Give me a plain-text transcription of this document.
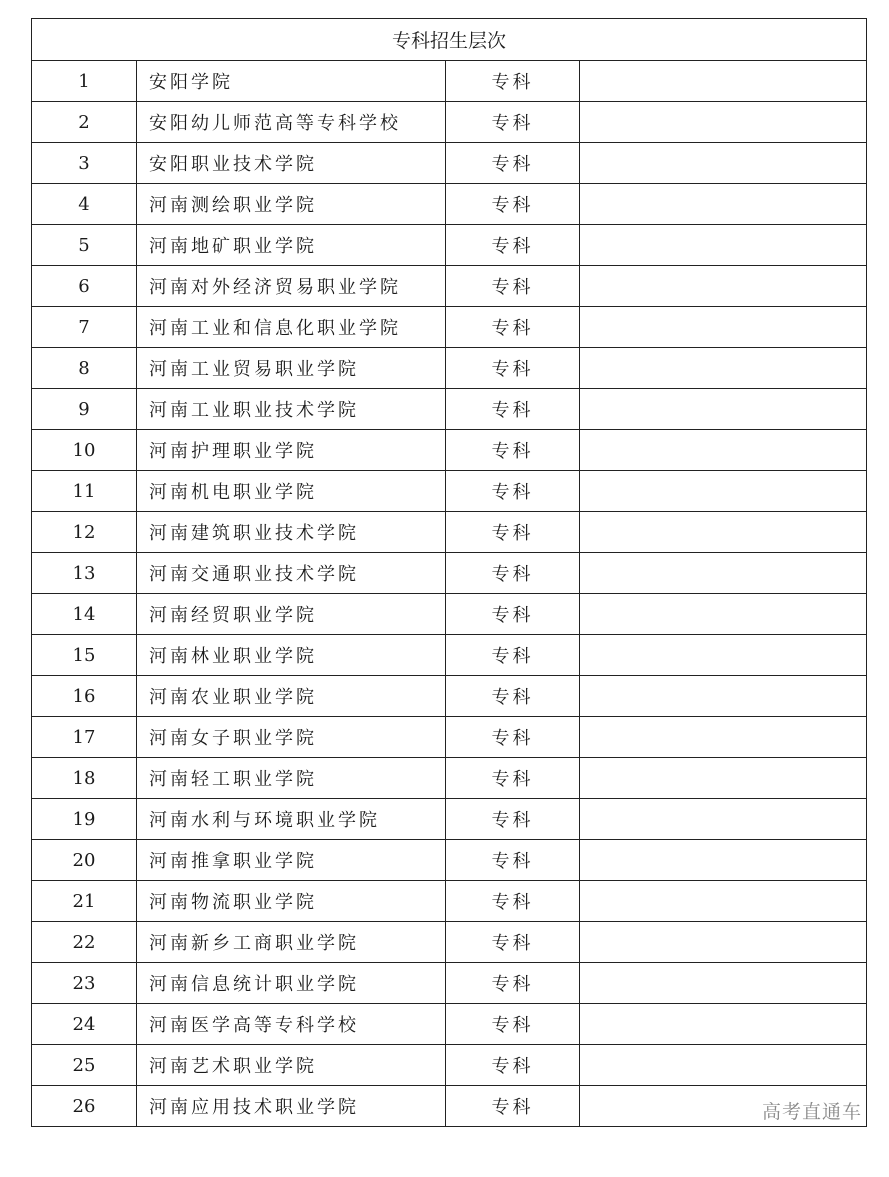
专科招生层次			
1	安阳学院	专科	
2	安阳幼儿师范高等专科学校	专科	
3	安阳职业技术学院	专科	
4	河南测绘职业学院	专科	
5	河南地矿职业学院	专科	
6	河南对外经济贸易职业学院	专科	
7	河南工业和信息化职业学院	专科	
8	河南工业贸易职业学院	专科	
9	河南工业职业技术学院	专科	
10	河南护理职业学院	专科	
11	河南机电职业学院	专科	
12	河南建筑职业技术学院	专科	
13	河南交通职业技术学院	专科	
14	河南经贸职业学院	专科	
15	河南林业职业学院	专科	
16	河南农业职业学院	专科	
17	河南女子职业学院	专科	
18	河南轻工职业学院	专科	
19	河南水利与环境职业学院	专科	
20	河南推拿职业学院	专科	
21	河南物流职业学院	专科	
22	河南新乡工商职业学院	专科	
23	河南信息统计职业学院	专科	
24	河南医学高等专科学校	专科	
25	河南艺术职业学院	专科	
26	河南应用技术职业学院	专科	高考直通车
